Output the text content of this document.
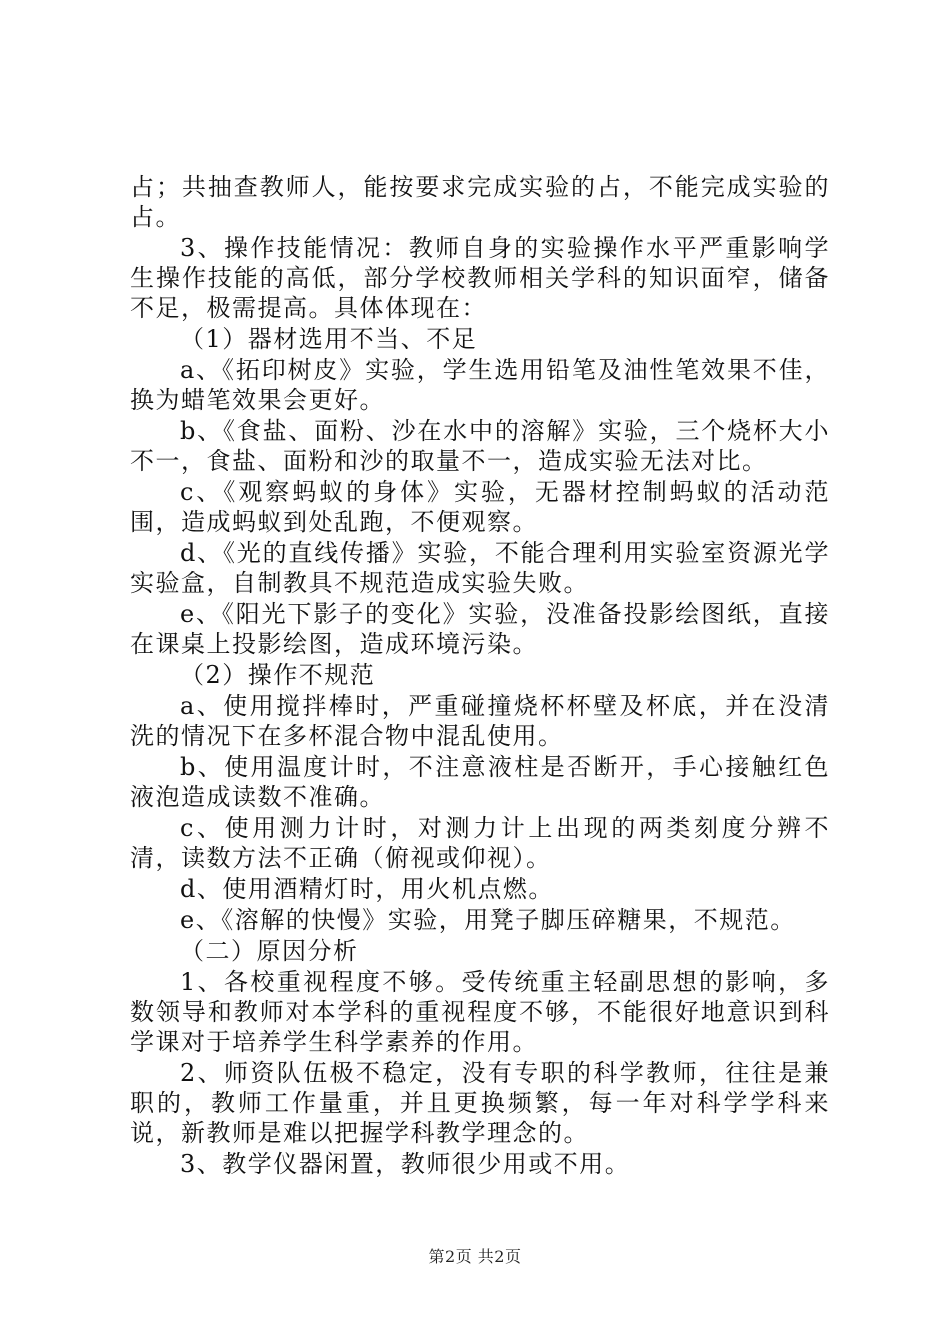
占；共抽查教师人，能按要求完成实验的占，不能完成实验的占。

3、操作技能情况：教师自身的实验操作水平严重影响学生操作技能的高低，部分学校教师相关学科的知识面窄，储备不足，极需提高。具体体现在：

（1）器材选用不当、不足

a、《拓印树皮》实验，学生选用铅笔及油性笔效果不佳，换为蜡笔效果会更好。

b、《食盐、面粉、沙在水中的溶解》实验，三个烧杯大小不一，食盐、面粉和沙的取量不一，造成实验无法对比。

c、《观察蚂蚁的身体》实验，无器材控制蚂蚁的活动范围，造成蚂蚁到处乱跑，不便观察。

d、《光的直线传播》实验，不能合理利用实验室资源光学实验盒，自制教具不规范造成实验失败。

e、《阳光下影子的变化》实验，没准备投影绘图纸，直接在课桌上投影绘图，造成环境污染。

（2）操作不规范

a、使用搅拌棒时，严重碰撞烧杯杯壁及杯底，并在没清洗的情况下在多杯混合物中混乱使用。

b、使用温度计时，不注意液柱是否断开，手心接触红色液泡造成读数不准确。

c、使用测力计时，对测力计上出现的两类刻度分辨不清，读数方法不正确（俯视或仰视）。

d、使用酒精灯时，用火机点燃。

e、《溶解的快慢》实验，用凳子脚压碎糖果，不规范。

（二）原因分析

1、各校重视程度不够。受传统重主轻副思想的影响，多数领导和教师对本学科的重视程度不够，不能很好地意识到科学课对于培养学生科学素养的作用。

2、师资队伍极不稳定，没有专职的科学教师，往往是兼职的，教师工作量重，并且更换频繁，每一年对科学学科来说，新教师是难以把握学科教学理念的。

3、教学仪器闲置，教师很少用或不用。

第2页 共2页
